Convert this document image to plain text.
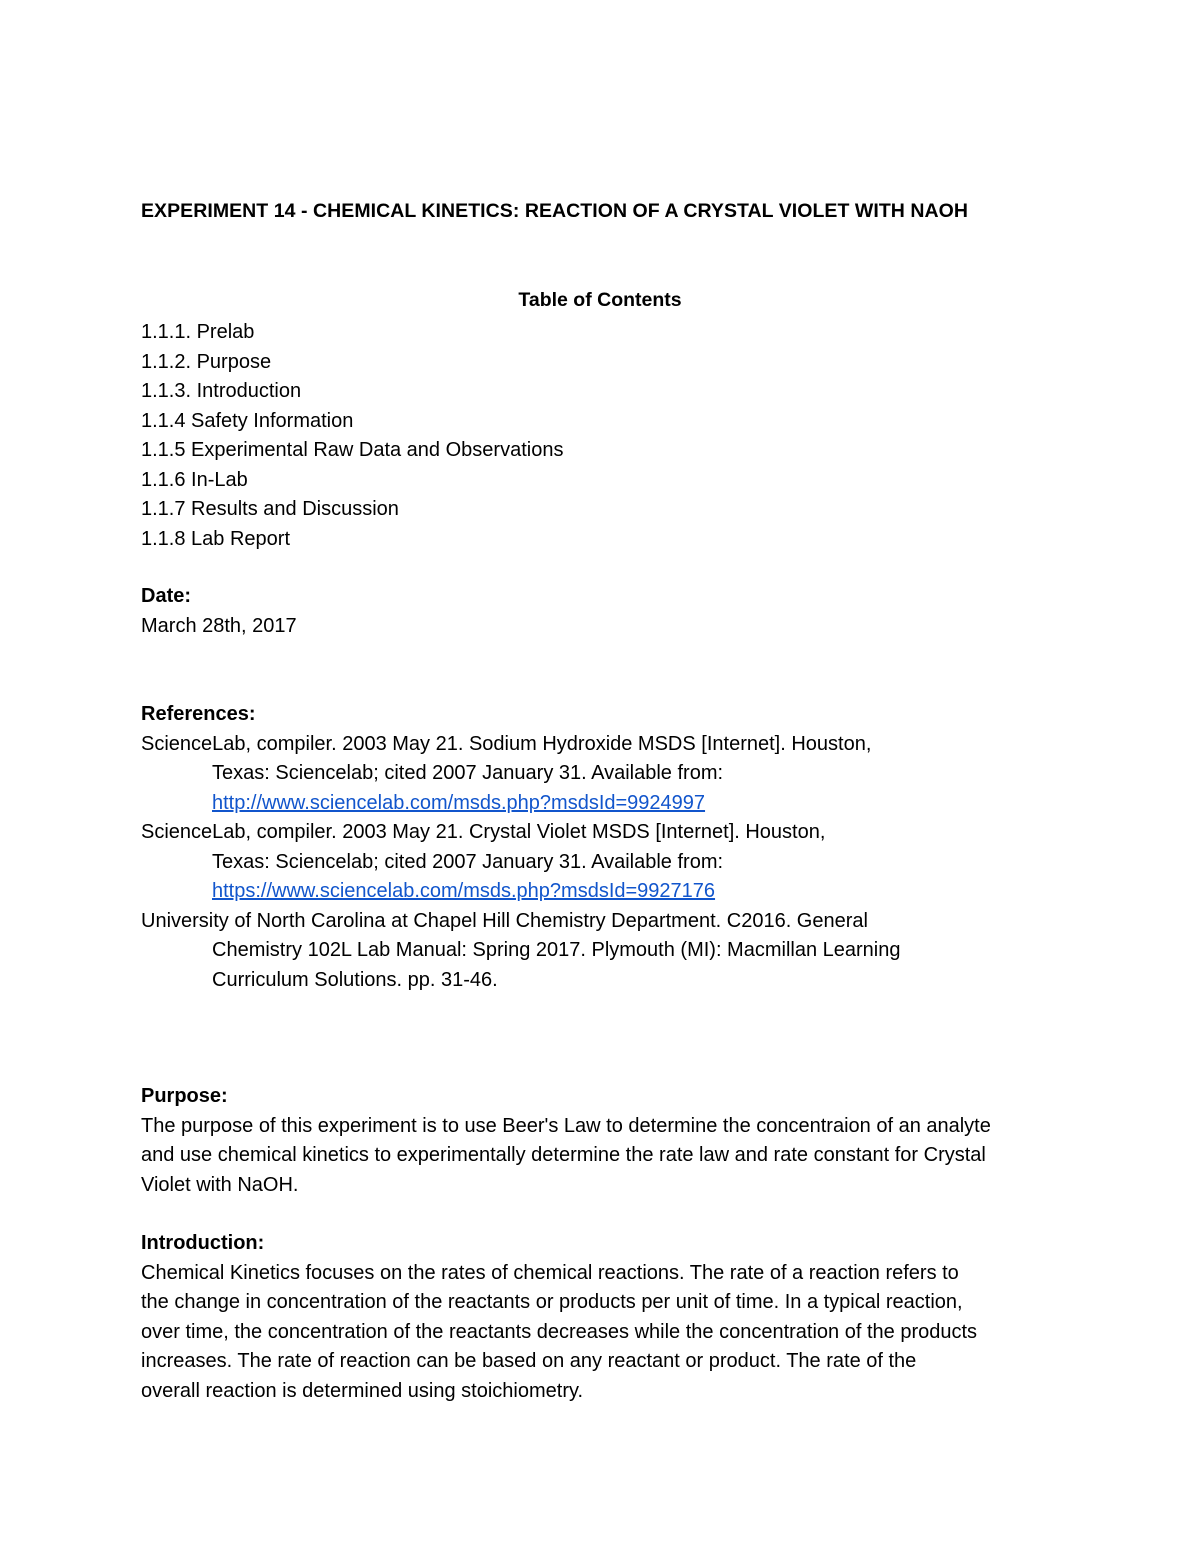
EXPERIMENT 14 - CHEMICAL KINETICS: REACTION OF A CRYSTAL VIOLET WITH NAOH
Table of Contents
1.1.1. Prelab
1.1.2. Purpose
1.1.3. Introduction
1.1.4 Safety Information
1.1.5 Experimental Raw Data and Observations
1.1.6 In-Lab
1.1.7 Results and Discussion
1.1.8 Lab Report
Date:
March 28th, 2017
References:
ScienceLab, compiler. 2003 May 21. Sodium Hydroxide MSDS [Internet]. Houston,
Texas: Sciencelab; cited 2007 January 31. Available from:
http://www.sciencelab.com/msds.php?msdsId=9924997
ScienceLab, compiler. 2003 May 21. Crystal Violet MSDS [Internet]. Houston,
Texas: Sciencelab; cited 2007 January 31. Available from:
https://www.sciencelab.com/msds.php?msdsId=9927176
University of North Carolina at Chapel Hill Chemistry Department. C2016. General
Chemistry 102L Lab Manual: Spring 2017. Plymouth (MI): Macmillan Learning
Curriculum Solutions. pp. 31-46.
Purpose:
The purpose of this experiment is to use Beer's Law to determine the concentraion of an analyte
and use chemical kinetics to experimentally determine the rate law and rate constant for Crystal
Violet with NaOH.
Introduction:
Chemical Kinetics focuses on the rates of chemical reactions. The rate of a reaction refers to
the change in concentration of the reactants or products per unit of time. In a typical reaction,
over time, the concentration of the reactants decreases while the concentration of the products
increases. The rate of reaction can be based on any reactant or product. The rate of the
overall reaction is determined using stoichiometry.
